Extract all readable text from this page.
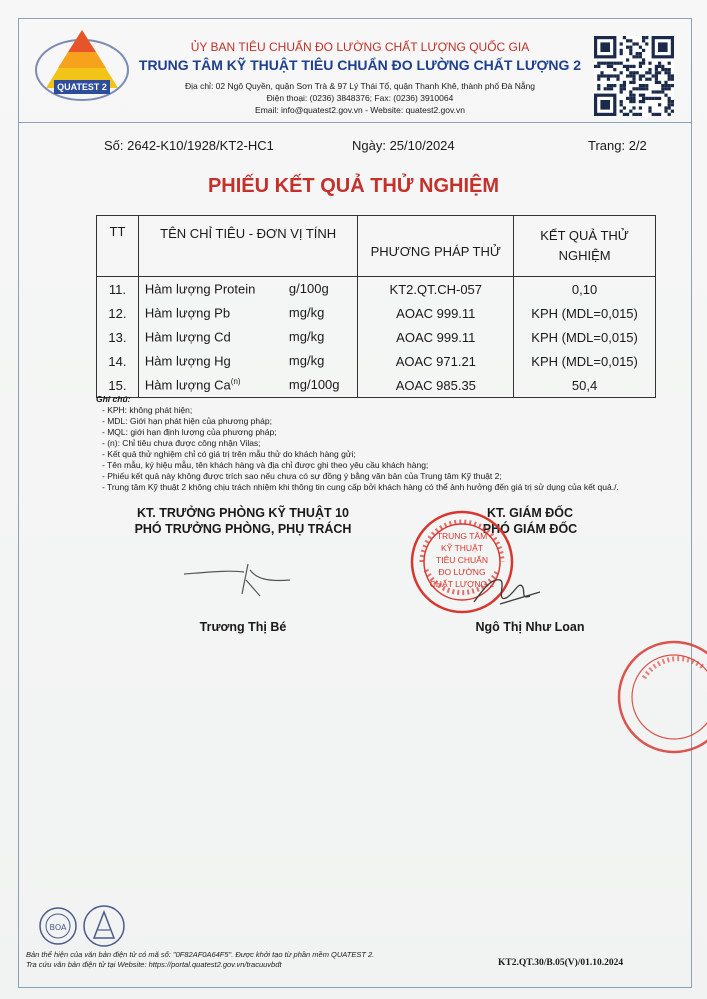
QUATEST 2
ỦY BAN TIÊU CHUẨN ĐO LƯỜNG CHẤT LƯỢNG QUỐC GIA
TRUNG TÂM KỸ THUẬT TIÊU CHUẨN ĐO LƯỜNG CHẤT LƯỢNG 2
Địa chỉ: 02 Ngô Quyền, quận Sơn Trà & 97 Lý Thái Tổ, quận Thanh Khê, thành phố Đà Nẵng
Điện thoại: (0236) 3848376; Fax: (0236) 3910064
Email: info@quatest2.gov.vn - Website: quatest2.gov.vn
Số: 2642-K10/1928/KT2-HC1	Ngày: 25/10/2024	Trang: 2/2
PHIẾU KẾT QUẢ THỬ NGHIỆM
TT	TÊN CHỈ TIÊU - ĐƠN VỊ TÍNH	PHƯƠNG PHÁP THỬ	KẾT QUẢ THỬ
NGHIỆM

11.	Hàm lượng Protein g/100g	KT2.QT.CH-057	0,10
12.	Hàm lượng Pb mg/kg	AOAC 999.11	KPH (MDL=0,015)
13.	Hàm lượng Cd mg/kg	AOAC 999.11	KPH (MDL=0,015)
14.	Hàm lượng Hg mg/kg	AOAC 971.21	KPH (MDL=0,015)
15.	Hàm lượng Ca$^{(n)}$ mg/100g	AOAC 985.35	50,4
Ghi chú:
- KPH: không phát hiện;
- MDL: Giới hạn phát hiện của phương pháp;
- MQL: giới hạn định lượng của phương pháp;
- (n): Chỉ tiêu chưa được công nhận Vilas;
- Kết quả thử nghiệm chỉ có giá trị trên mẫu thử do khách hàng gửi;
- Tên mẫu, ký hiệu mẫu, tên khách hàng và địa chỉ được ghi theo yêu cầu khách hàng;
- Phiếu kết quả này không được trích sao nếu chưa có sự đồng ý bằng văn bản của Trung tâm Kỹ thuật 2;
- Trung tâm Kỹ thuật 2 không chịu trách nhiệm khi thông tin cung cấp bởi khách hàng có thể ảnh hưởng đến giá trị sử dụng của kết quả./.
KT. TRƯỞNG PHÒNG KỸ THUẬT 10
PHÓ TRƯỞNG PHÒNG, PHỤ TRÁCH
KT. GIÁM ĐỐC
PHÓ GIÁM ĐỐC
TRUNG TÂM
KỸ THUẬT
TIÊU CHUẨN
ĐO LƯỜNG
CHẤT LƯỢNG 2
Trương Thị Bé	Ngô Thị Như Loan
BOA
Bản thể hiện của văn bản điện tử có mã số: "0F82AF0A64F5". Được khởi tạo từ phần mềm QUATEST 2.
Tra cứu văn bản điện tử tại Website: https://portal.quatest2.gov.vn/tracuuvbdt	KT2.QT.30/B.05(V)/01.10.2024
